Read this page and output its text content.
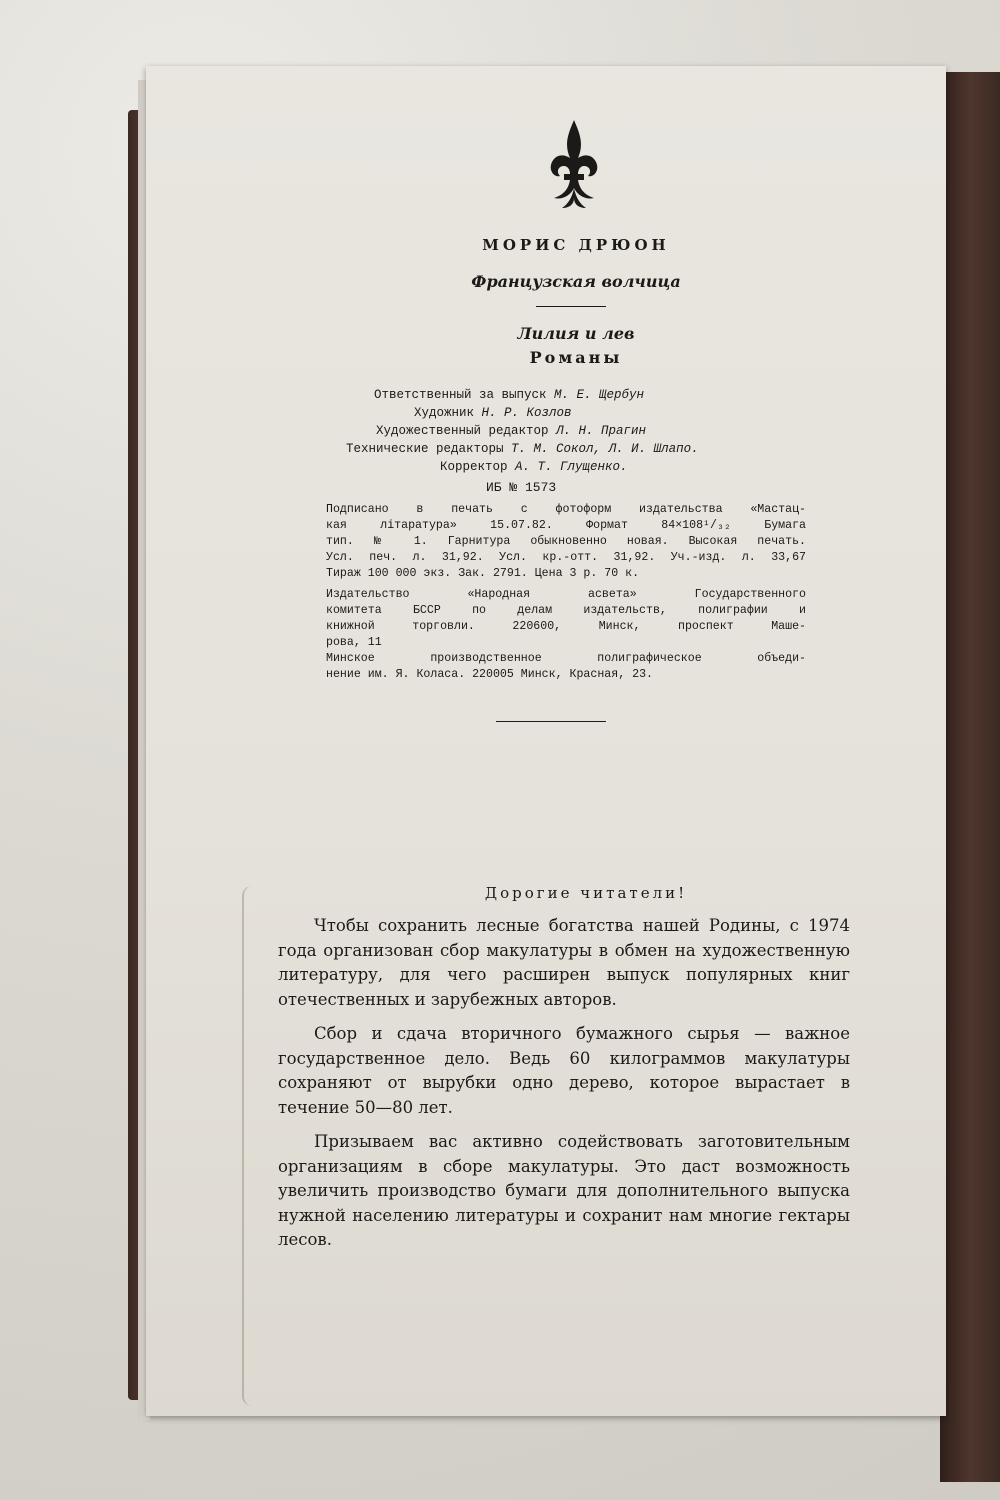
МОРИС ДРЮОН
Французская волчица
Лилия и лев
Романы
Ответственный за выпуск М. Е. Щербун
Художник Н. Р. Козлов
Художественный редактор Л. Н. Прагин
Технические редакторы Т. М. Сокол, Л. И. Шлапо.
Корректор А. Т. Глущенко.
ИБ № 1573
Подписано в печать с фотоформ издательства «Мастац-
кая літаратура» 15.07.82. Формат 84×108¹/₃₂ Бумага
тип. № 1. Гарнитура обыкновенно новая. Высокая печать.
Усл. печ. л. 31,92. Усл. кр.-отт. 31,92. Уч.-изд. л. 33,67
Тираж 100 000 экз. Зак. 2791. Цена 3 р. 70 к.
Издательство «Народная асвета» Государственного
комитета БССР по делам издательств, полиграфии и
книжной торговли. 220600, Минск, проспект Маше-
рова, 11
Минское производственное полиграфическое объеди-
нение им. Я. Коласа. 220005 Минск, Красная, 23.
Дорогие читатели!

Чтобы сохранить лесные богатства нашей Родины, с 1974 года организован сбор макулатуры в обмен на художественную литературу, для чего расширен выпуск популярных книг отечественных и зарубежных авторов.

Сбор и сдача вторичного бумажного сырья — важное государственное дело. Ведь 60 килограммов макулатуры сохраняют от вырубки одно дерево, которое вырастает в течение 50—80 лет.

Призываем вас активно содействовать заготовительным организациям в сборе макулатуры. Это даст возможность увеличить производство бумаги для дополнительного выпуска нужной населению литературы и сохранит нам многие гектары лесов.
